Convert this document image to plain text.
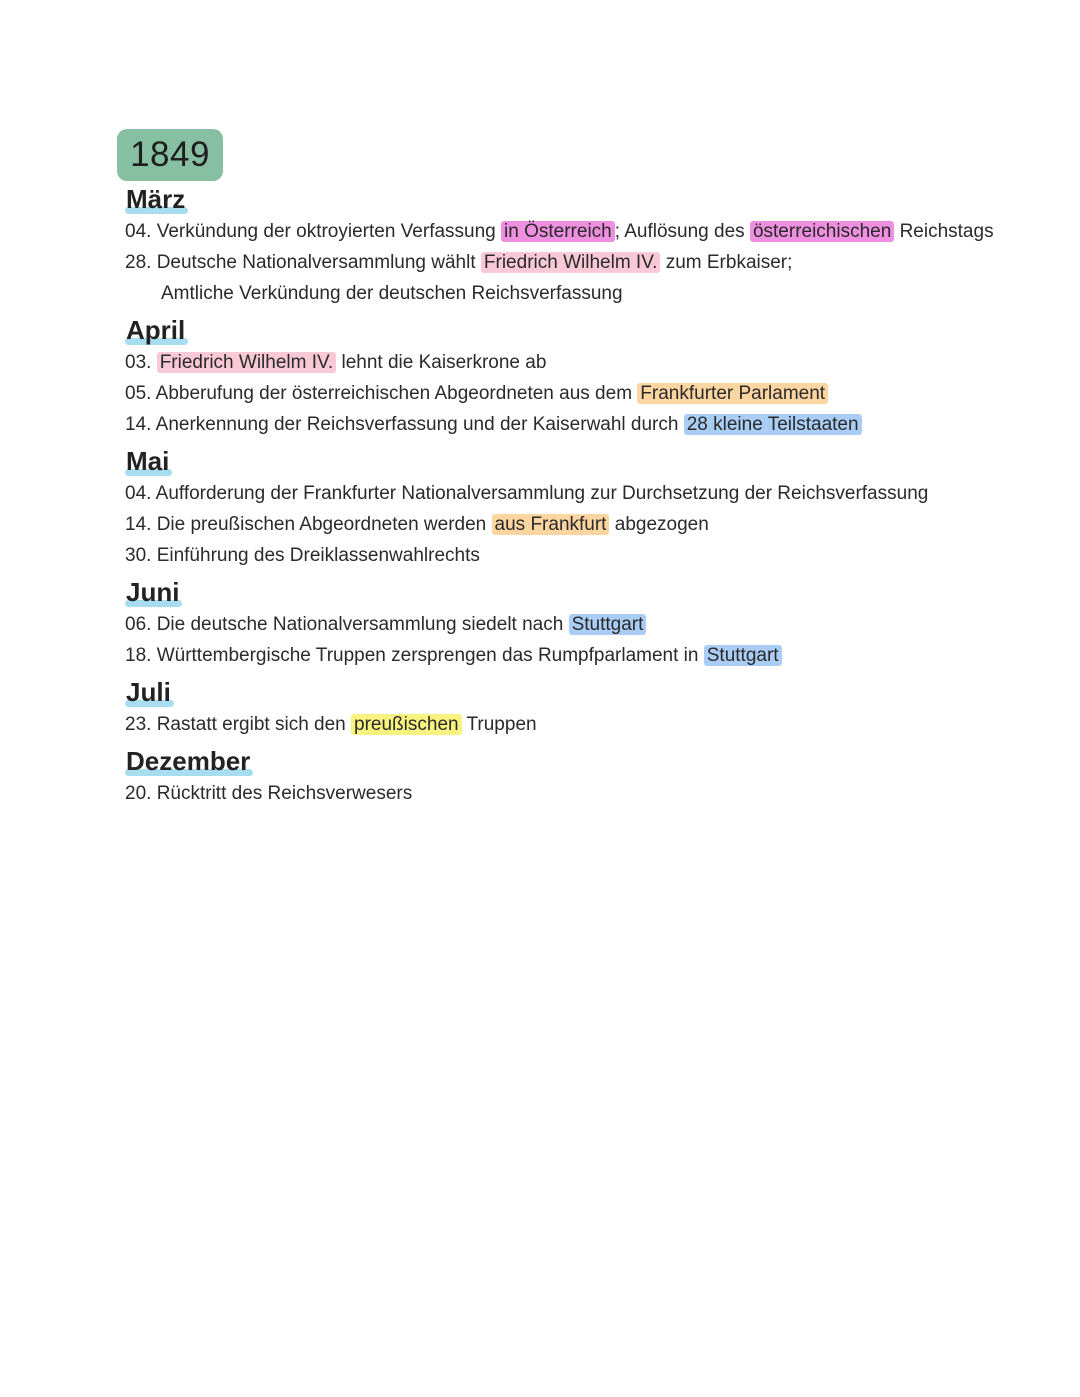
1849
März
04. Verkündung der oktroyierten Verfassung in Österreich ; Auflösung des österreichischen Reichstags
28. Deutsche Nationalversammlung wählt Friedrich Wilhelm IV. zum Erbkaiser;
Amtliche Verkündung der deutschen Reichsverfassung
April
03. Friedrich Wilhelm IV. lehnt die Kaiserkrone ab
05. Abberufung der österreichischen Abgeordneten aus dem Frankfurter Parlament
14. Anerkennung der Reichsverfassung und der Kaiserwahl durch 28 kleine Teilstaaten
Mai
04. Aufforderung der Frankfurter Nationalversammlung zur Durchsetzung der Reichsverfassung
14. Die preußischen Abgeordneten werden aus Frankfurt abgezogen
30. Einführung des Dreiklassenwahlrechts
Juni
06. Die deutsche Nationalversammlung siedelt nach Stuttgart
18. Württembergische Truppen zersprengen das Rumpfparlament in Stuttgart
Juli
23. Rastatt ergibt sich den preußischen Truppen
Dezember
20. Rücktritt des Reichsverwesers
